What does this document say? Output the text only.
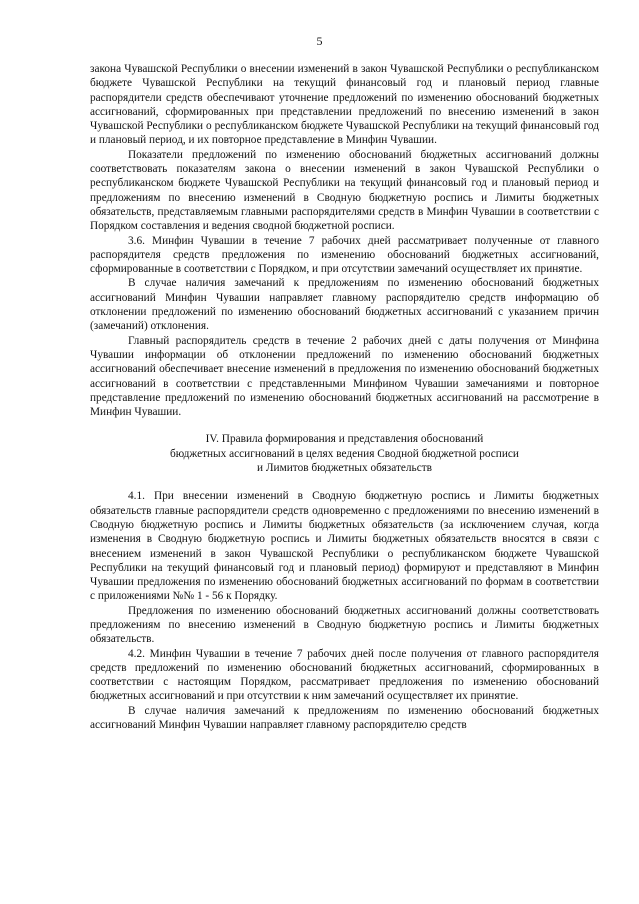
5

закона Чувашской Республики о внесении изменений в закон Чувашской Республики о республиканском бюджете Чувашской Республики на текущий финансовый год и плановый период главные распорядители средств обеспечивают уточнение предложений по изменению обоснований бюджетных ассигнований, сформированных при представлении предложений по внесению изменений в закон Чувашской Республики о республиканском бюджете Чувашской Республики на текущий финансовый год и плановый период, и их повторное представление в Минфин Чувашии.

Показатели предложений по изменению обоснований бюджетных ассигнований должны соответствовать показателям закона о внесении изменений в закон Чувашской Республики о республиканском бюджете Чувашской Республики на текущий финансовый год и плановый период и предложениям по внесению изменений в Сводную бюджетную роспись и Лимиты бюджетных обязательств, представляемым главными распорядителями средств в Минфин Чувашии в соответствии с Порядком составления и ведения сводной бюджетной росписи.

3.6. Минфин Чувашии в течение 7 рабочих дней рассматривает полученные от главного распорядителя средств предложения по изменению обоснований бюджетных ассигнований, сформированные в соответствии с Порядком, и при отсутствии замечаний осуществляет их принятие.

В случае наличия замечаний к предложениям по изменению обоснований бюджетных ассигнований Минфин Чувашии направляет главному распорядителю средств информацию об отклонении предложений по изменению обоснований бюджетных ассигнований с указанием причин (замечаний) отклонения.

Главный распорядитель средств в течение 2 рабочих дней с даты получения от Минфина Чувашии информации об отклонении предложений по изменению обоснований бюджетных ассигнований обеспечивает внесение изменений в предложения по изменению обоснований бюджетных ассигнований в соответствии с представленными Минфином Чувашии замечаниями и повторное представление предложений по изменению обоснований бюджетных ассигнований на рассмотрение в Минфин Чувашии.

IV. Правила формирования и представления обоснований
бюджетных ассигнований в целях ведения Сводной бюджетной росписи
и Лимитов бюджетных обязательств

4.1. При внесении изменений в Сводную бюджетную роспись и Лимиты бюджетных обязательств главные распорядители средств одновременно с предложениями по внесению изменений в Сводную бюджетную роспись и Лимиты бюджетных обязательств (за исключением случая, когда изменения в Сводную бюджетную роспись и Лимиты бюджетных обязательств вносятся в связи с внесением изменений в закон Чувашской Республики о республиканском бюджете Чувашской Республики на текущий финансовый год и плановый период) формируют и представляют в Минфин Чувашии предложения по изменению обоснований бюджетных ассигнований по формам в соответствии с приложениями №№ 1 - 56 к Порядку.

Предложения по изменению обоснований бюджетных ассигнований должны соответствовать предложениям по внесению изменений в Сводную бюджетную роспись и Лимиты бюджетных обязательств.

4.2. Минфин Чувашии в течение 7 рабочих дней после получения от главного распорядителя средств предложений по изменению обоснований бюджетных ассигнований, сформированных в соответствии с настоящим Порядком, рассматривает предложения по изменению обоснований бюджетных ассигнований и при отсутствии к ним замечаний осуществляет их принятие.

В случае наличия замечаний к предложениям по изменению обоснований бюджетных ассигнований Минфин Чувашии направляет главному распорядителю средств
